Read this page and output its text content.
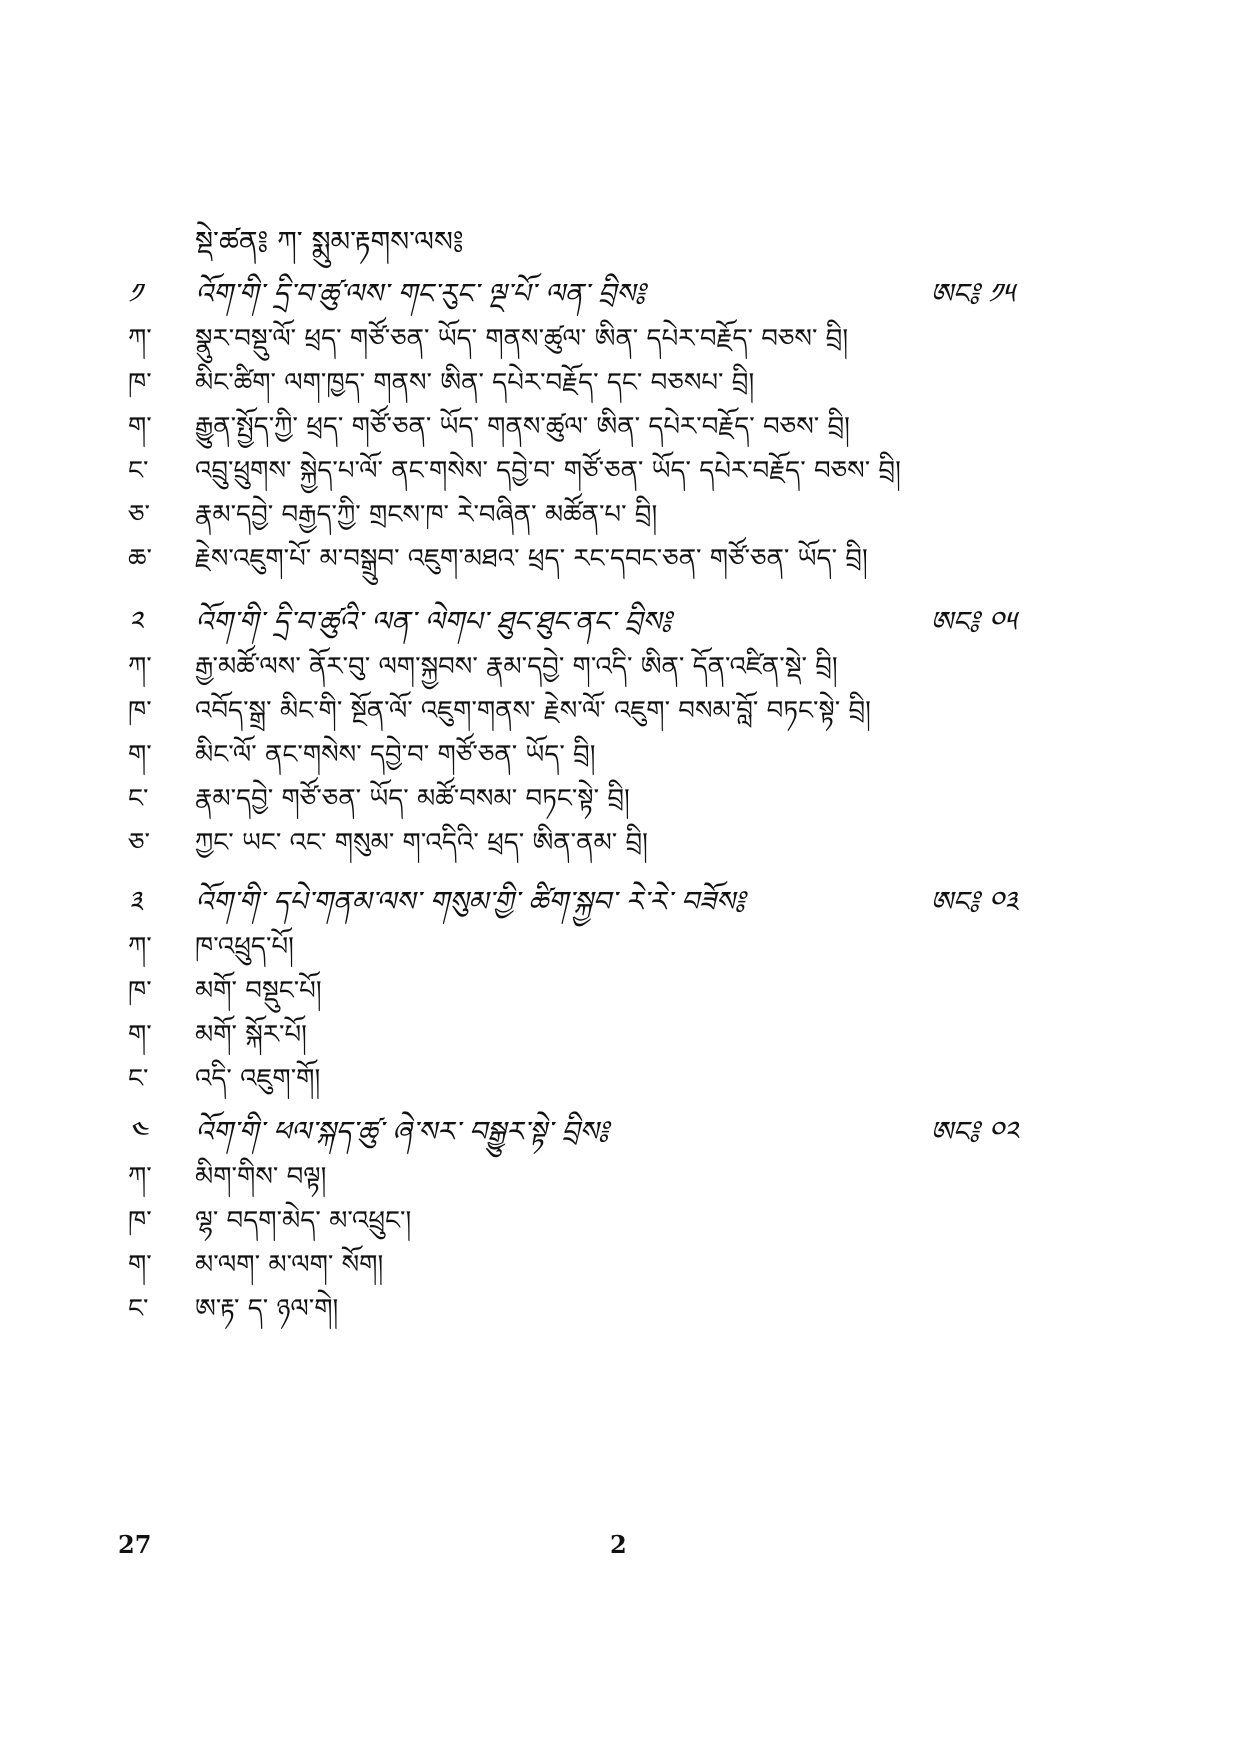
སྡེ་ཚན༔ ཀ་ སྨུམ་རྟགས་ལས༔
༡	འོག་གི་ དྲི་བ་ཚུ་ལས་ གང་རུང་ ལྔ་པོ་ ལན་ བྲིས༔	ཨང༔ ༡༥
ཀ་	སྣུར་བསྡུ་ལོ་ ཕྲད་ གཙོ་ཅན་ ཡོད་ གནས་ཚུལ་ ཨིན་ དཔེར་བརྗོད་ བཅས་ བྲི།
ཁ་	མིང་ཚིག་ ལག་ཁྱད་ གནས་ ཨིན་ དཔེར་བརྗོད་ དང་ བཅསཔ་ བྲི།
ག་	རྒྱུན་སྤྱོད་ཀྱི་ ཕྲད་ གཙོ་ཅན་ ཡོད་ གནས་ཚུལ་ ཨིན་ དཔེར་བརྗོད་ བཅས་ བྲི།
ང་	འབྲུ་ཕྲུགས་ སྐྱེད་པ་ལོ་ ནང་གསེས་ དབྱེ་བ་ གཙོ་ཅན་ ཡོད་ དཔེར་བརྗོད་ བཅས་ བྲི།
ཅ་	རྣམ་དབྱེ་ བརྒྱད་ཀྱི་ གྲངས་ཁ་ རེ་བཞིན་ མཚོན་པ་ བྲི།
ཆ་	རྗེས་འཇུག་པོ་ མ་བསྒྲུབ་ འཇུག་མཐའ་ ཕྲད་ རང་དབང་ཅན་ གཙོ་ཅན་ ཡོད་ བྲི།
༢	འོག་གི་ དྲི་བ་ཚུའི་ ལན་ ལེགཔ་ ཐུང་ཐུང་ནང་ བྲིས༔	ཨང༔ ༠༥
ཀ་	རྒྱ་མཚོ་ལས་ ནོར་བུ་ ལག་སྐྱབས་ རྣམ་དབྱེ་ ག་འདི་ ཨིན་ དོན་འཛིན་སྡེ་ བྲི།
ཁ་	འབོད་སྒྲ་ མིང་གི་ སྔོན་ལོ་ འཇུག་གནས་ རྗེས་ལོ་ འཇུག་ བསམ་བློ་ བཏང་སྟེ་ བྲི།
ག་	མིང་ལོ་ ནང་གསེས་ དབྱེ་བ་ གཙོ་ཅན་ ཡོད་ བྲི།
ང་	རྣམ་དབྱེ་ གཙོ་ཅན་ ཡོད་ མཚོ་བསམ་ བཏང་སྟེ་ བྲི།
ཅ་	ཀྱང་ ཡང་ འང་ གསུམ་ ག་འདིའི་ ཕྲད་ ཨིན་ནམ་ བྲི།
༣	འོག་གི་ དཔེ་གནམ་ལས་ གསུམ་གྱི་ ཚིག་སྐྱབ་ རེ་རེ་ བཟོས༔	ཨང༔ ༠༣
ཀ་	ཁ་འཕྲུད་པོ།
ཁ་	མགོ་ བསྡུང་པོ།
ག་	མགོ་ སྐོར་པོ།
ང་	འདི་ འཇུག་གོ།
༤	འོག་གི་ ཕལ་སྐད་ཚུ་ ཞེ་སར་ བསྒྱུར་སྟེ་ བྲིས༔	ཨང༔ ༠༢
ཀ་	མིག་གིས་ བལྟ།
ཁ་	ལྷ་ བདག་མེད་ མ་འཕྲུང་།
ག་	མ་ལག་ མ་ལག་ སོག།
ང་	ཨ་རྟ་ ད་ ཉལ་གེ།
27	2
